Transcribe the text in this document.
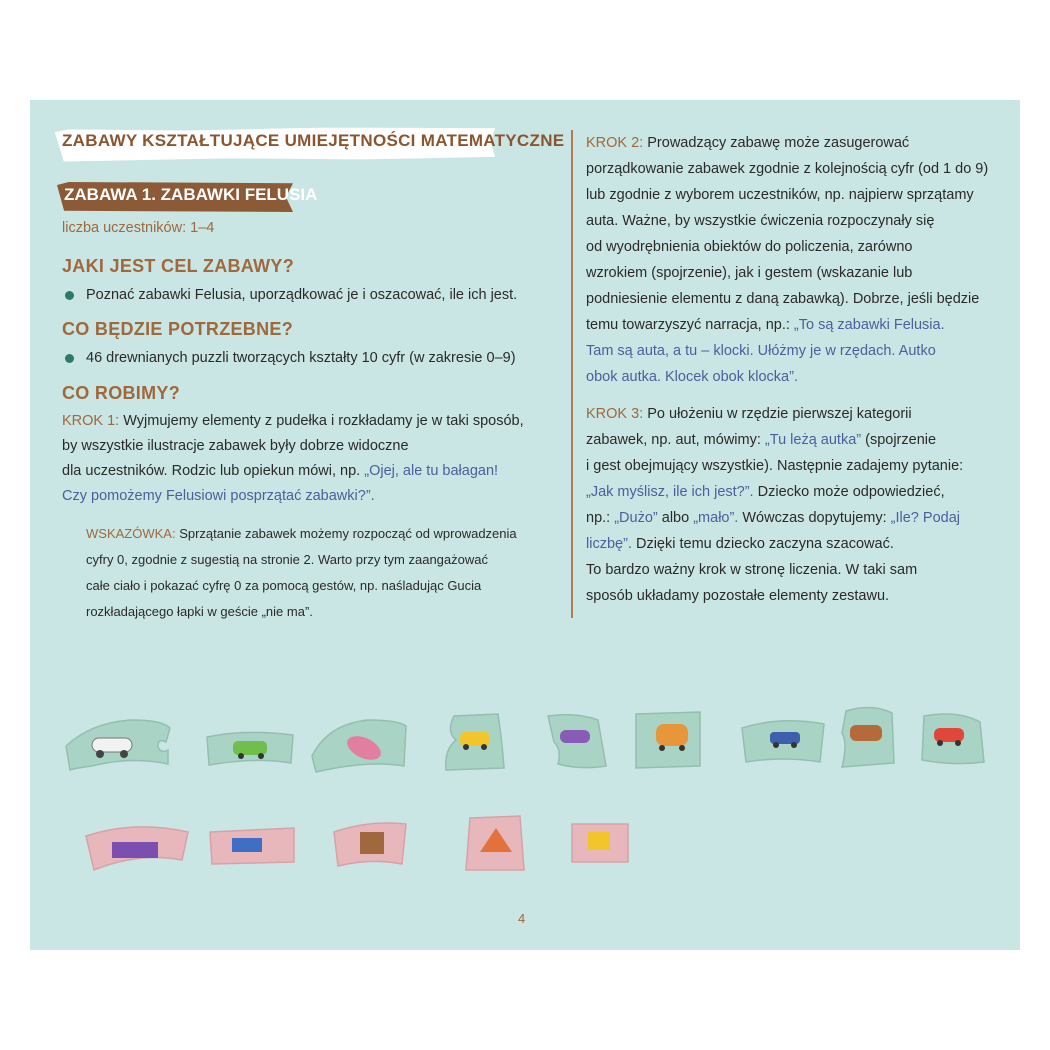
ZABAWY KSZTAŁTUJĄCE UMIEJĘTNOŚCI MATEMATYCZNE
ZABAWA 1. ZABAWKI FELUSIA
liczba uczestników: 1–4
JAKI JEST CEL ZABAWY?
Poznać zabawki Felusia, uporządkować je i oszacować, ile ich jest.
CO BĘDZIE POTRZEBNE?
46 drewnianych puzzli tworzących kształty 10 cyfr (w zakresie 0–9)
CO ROBIMY?
KROK 1: Wyjmujemy elementy z pudełka i rozkładamy je w taki sposób,
by wszystkie ilustracje zabawek były dobrze widoczne
dla uczestników. Rodzic lub opiekun mówi, np. „Ojej, ale tu bałagan!
Czy pomożemy Felusiowi posprzątać zabawki?”.
WSKAZÓWKA: Sprzątanie zabawek możemy rozpocząć od wprowadzenia
cyfry 0, zgodnie z sugestią na stronie 2. Warto przy tym zaangażować
całe ciało i pokazać cyfrę 0 za pomocą gestów, np. naśladując Gucia
rozkładającego łapki w geście „nie ma”.
KROK 2: Prowadzący zabawę może zasugerować
porządkowanie zabawek zgodnie z kolejnością cyfr (od 1 do 9)
lub zgodnie z wyborem uczestników, np. najpierw sprzątamy
auta. Ważne, by wszystkie ćwiczenia rozpoczynały się
od wyodrębnienia obiektów do policzenia, zarówno
wzrokiem (spojrzenie), jak i gestem (wskazanie lub
podniesienie elementu z daną zabawką). Dobrze, jeśli będzie
temu towarzyszyć narracja, np.: „To są zabawki Felusia.
Tam są auta, a tu – klocki. Ułóżmy je w rzędach. Autko
obok autka. Klocek obok klocka”.
KROK 3: Po ułożeniu w rzędzie pierwszej kategorii
zabawek, np. aut, mówimy: „Tu leżą autka” (spojrzenie
i gest obejmujący wszystkie). Następnie zadajemy pytanie:
„Jak myślisz, ile ich jest?”. Dziecko może odpowiedzieć,
np.: „Dużo” albo „mało”. Wówczas dopytujemy: „Ile? Podaj
liczbę”. Dzięki temu dziecko zaczyna szacować.
To bardzo ważny krok w stronę liczenia. W taki sam
sposób układamy pozostałe elementy zestawu.
4
